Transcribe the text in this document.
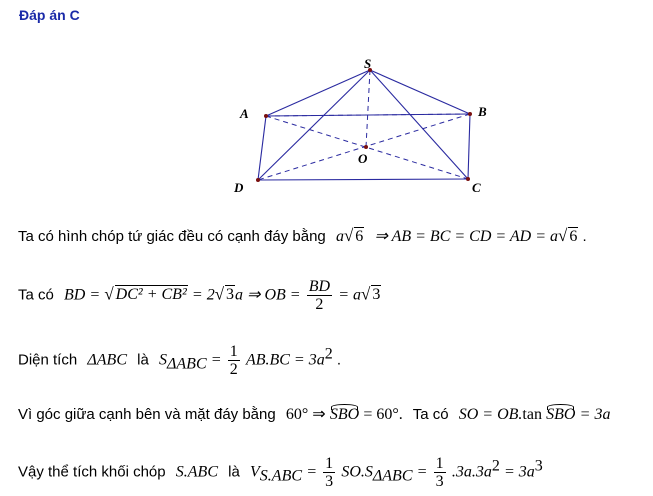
Đáp án C
S
A	B
O
D	C
Ta có hình chóp tứ giác đều có cạnh đáy bằng a√ 6 ⇒ AB = BC = CD = AD = a√ 6 .
Ta có BD = √ DC² + CB² = 2√ 3a ⇒ OB = $\frac{BD}{2} = a√$ 3
Diện tích ΔABC là $S_{\Delta ABC} = \frac{1}{2} AB.BC = 3a^2$ .
Vì góc giữa cạnh bên và mặt đáy bằng 60° ⇒ SBO = 60°. Ta có SO = OB.tan SBO = 3a
Vậy thể tích khối chóp S.ABC là $V_{S.ABC} = \frac{1}{3} SO.S_{\Delta ABC} = \frac{1}{3} .3a.3a^2 = 3a^3$
